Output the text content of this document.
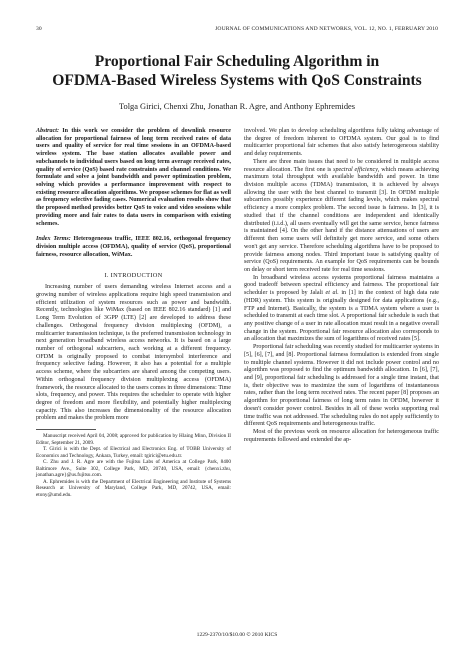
30	JOURNAL OF COMMUNICATIONS AND NETWORKS, VOL. 12, NO. 1, FEBRUARY 2010
Proportional Fair Scheduling Algorithm in
OFDMA-Based Wireless Systems with QoS Constraints
Tolga Girici, Chenxi Zhu, Jonathan R. Agre, and Anthony Ephremides

Abstract: In this work we consider the problem of downlink resource allocation for proportional fairness of long term received rates of data users and quality of service for real time sessions in an OFDMA-based wireless system. The base station allocates available power and subchannels to individual users based on long term average received rates, quality of service (QoS) based rate constraints and channel conditions. We formulate and solve a joint bandwidth and power optimization problem, solving which provides a performance improvement with respect to existing resource allocation algorithms. We propose schemes for flat as well as frequency selective fading cases. Numerical evaluation results show that the proposed method provides better QoS to voice and video sessions while providing more and fair rates to data users in comparison with existing schemes.

Index Terms: Heterogeneous traffic, IEEE 802.16, orthogonal frequency division multiple access (OFDMA), quality of service (QoS), proportional fairness, resource allocation, WiMax.

I. INTRODUCTION

Increasing number of users demanding wireless Internet access and a growing number of wireless applications require high speed transmission and efficient utilization of system resources such as power and bandwidth. Recently, technologies like WiMax (based on IEEE 802.16 standard) [1] and Long Term Evolution of 3GPP (LTE) [2] are developed to address these challenges. Orthogonal frequency division multiplexing (OFDM), a multicarrier transmission technique, is the preferred transmission technology in next generation broadband wireless access networks. It is based on a large number of orthogonal subcarriers, each working at a different frequency. OFDM is originally proposed to combat intersymbol interference and frequency selective fading. However, it also has a potential for a multiple access scheme, where the subcarriers are shared among the competing users. Within orthogonal frequency division multiplexing access (OFDMA) framework, the resource allocated to the users comes in three dimensions: Time slots, frequency, and power. This requires the scheduler to operate with higher degree of freedom and more flexibility, and potentially higher multiplexing capacity. This also increases the dimensionality of the resource allocation problem and makes the problem more

Manuscript received April 04, 2008; approved for publication by Hlaing Minn, Division II Editor, September 21, 2009.

T. Girici is with the Dept. of Electrical and Electronics Eng. of TOBB University of Economics and Technology, Ankara, Turkey, email: tgirici@etu.edu.tr.

C. Zhu and J. R. Agre are with the Fujitsu Labs of America at College Park, 8400 Baltimore Ave., Suite 302, College Park, MD, 20740, USA, email: {chenxi.zhu, jonathan.agre}@us.fujitsu.com.

A. Ephremides is with the Department of Electrical Engineering and Institute of Systems Research at University of Maryland, College Park, MD, 20742, USA, email: etony@umd.edu.

involved. We plan to develop scheduling algorithms fully taking advantage of the degree of freedom inherent to OFDMA system. Our goal is to find multicarrier proportional fair schemes that also satisfy heterogeneous stability and delay requirements.

There are three main issues that need to be considered in multiple access resource allocation. The first one is spectral efficiency, which means achieving maximum total throughput with available bandwidth and power. In time division multiple access (TDMA) transmission, it is achieved by always allowing the user with the best channel to transmit [3]. In OFDM multiple subcarriers possibly experience different fading levels, which makes spectral efficiency a more complex problem. The second issue is fairness. In [3], it is studied that if the channel conditions are independent and identically distributed (i.i.d.), all users eventually will get the same service, hence fairness is maintained [4]. On the other hand if the distance attenuations of users are different then some users will definitely get more service, and some others won't get any service. Therefore scheduling algorithms have to be proposed to provide fairness among nodes. Third important issue is satisfying quality of service (QoS) requirements. An example for QoS requirements can be bounds on delay or short term received rate for real time sessions.

In broadband wireless access systems proportional fairness maintains a good tradeoff between spectral efficiency and fairness. The proportional fair scheduler is proposed by Jalali et al. in [1] in the context of high data rate (HDR) system. This system is originally designed for data applications (e.g., FTP and Internet). Basically, the system is a TDMA system where a user is scheduled to transmit at each time slot. A proportional fair schedule is such that any positive change of a user in rate allocation must result in a negative overall change in the system. Proportional fair resource allocation also corresponds to an allocation that maximizes the sum of logarithms of received rates [5].

Proportional fair scheduling was recently studied for multicarrier systems in [5], [6], [7], and [8]. Proportional fairness formulation is extended from single to multiple channel systems. However it did not include power control and no algorithm was proposed to find the optimum bandwidth allocation. In [6], [7], and [9], proportional fair scheduling is addressed for a single time instant, that is, their objective was to maximize the sum of logarithms of instantaneous rates, rather than the long term received rates. The recent paper [8] proposes an algorithm for proportional fairness of long term rates in OFDM, however it doesn't consider power control. Besides in all of these works supporting real time traffic was not addressed. The scheduling rules do not apply sufficiently to different QoS requirements and heterogeneous traffic.

Most of the previous work on resource allocation for heterogeneous traffic requirements followed and extended the ap-

1229-2370/10/$10.00 © 2010 KICS
